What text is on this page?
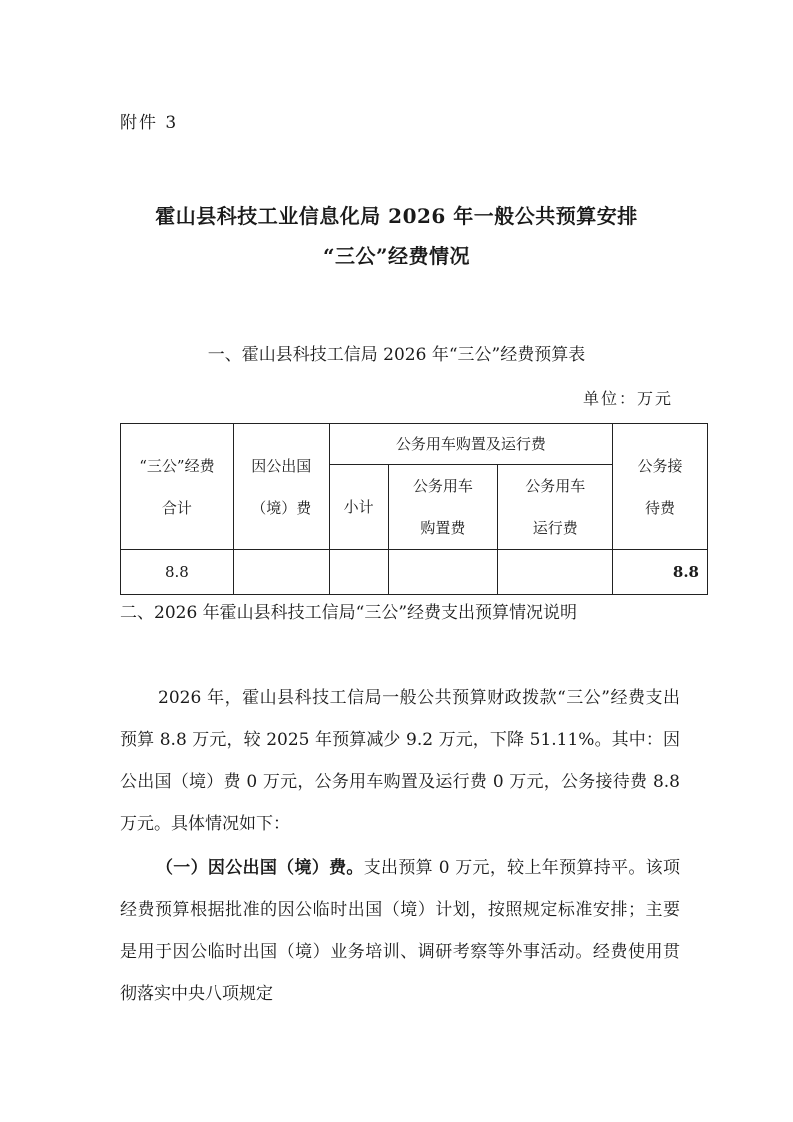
附件 3
霍山县科技工业信息化局 2026 年一般公共预算安排
“三公”经费情况
一、霍山县科技工信局 2026 年“三公”经费预算表
单位：万元
“三公”经费合计	因公出国（境）费	公务用车购置及运行费			公务接待费
		小计	公务用车购置费	公务用车运行费	
8.8					8.8
二、2026 年霍山县科技工信局“三公”经费支出预算情况说明
2026 年，霍山县科技工信局一般公共预算财政拨款“三公”经费支出预算 8.8 万元，较 2025 年预算减少 9.2 万元，下降 51.11%。其中：因公出国（境）费 0 万元，公务用车购置及运行费 0 万元，公务接待费 8.8 万元。具体情况如下：
（一）因公出国（境）费。支出预算 0 万元，较上年预算持平。该项经费预算根据批准的因公临时出国（境）计划，按照规定标准安排；主要是用于因公临时出国（境）业务培训、调研考察等外事活动。经费使用贯彻落实中央八项规定
